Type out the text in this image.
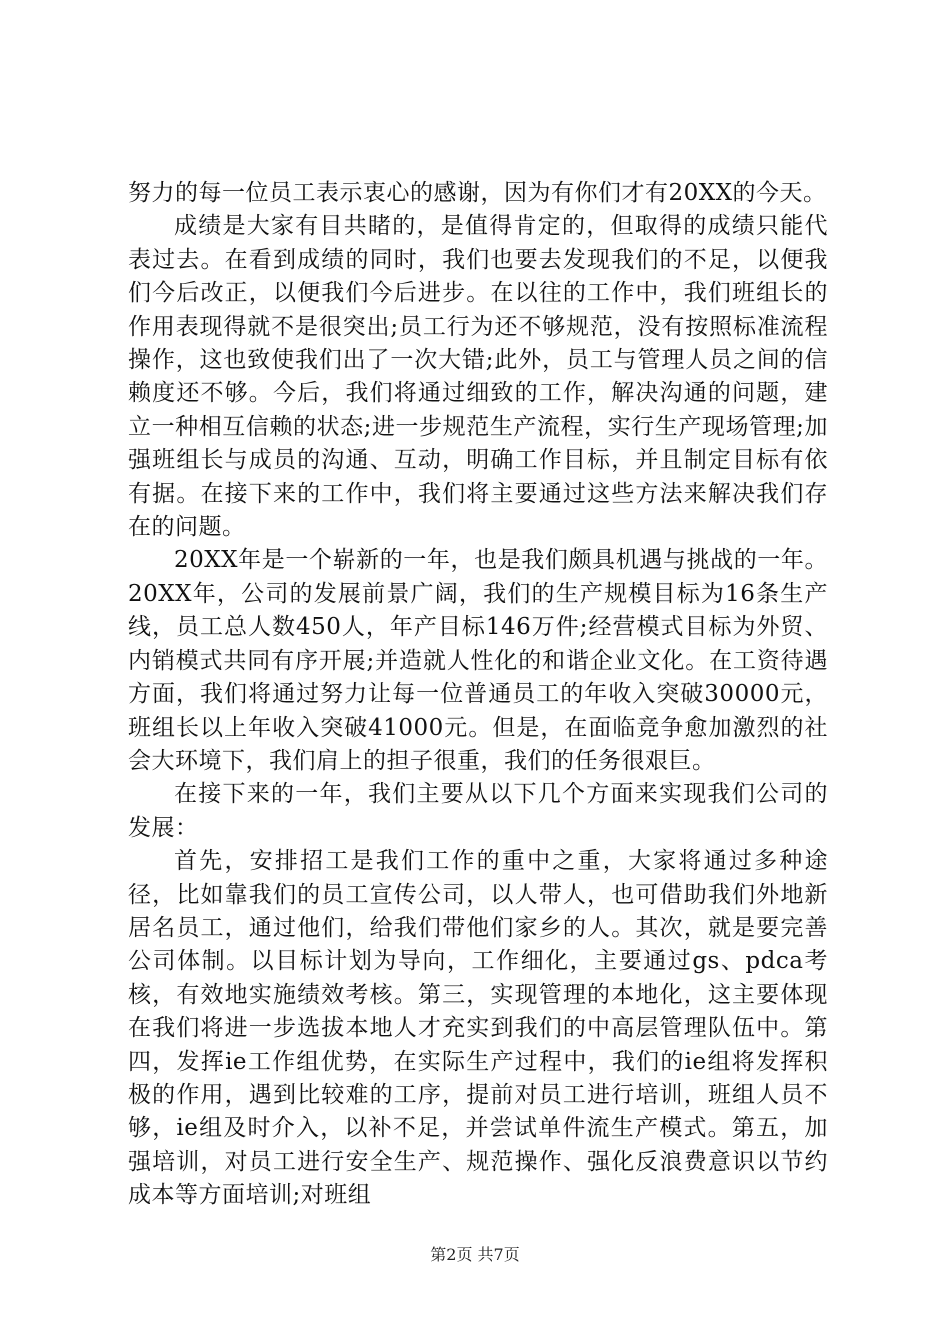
努力的每一位员工表示衷心的感谢，因为有你们才有20XX的今天。

成绩是大家有目共睹的，是值得肯定的，但取得的成绩只能代表过去。在看到成绩的同时，我们也要去发现我们的不足，以便我们今后改正，以便我们今后进步。在以往的工作中，我们班组长的作用表现得就不是很突出;员工行为还不够规范，没有按照标准流程操作，这也致使我们出了一次大错;此外，员工与管理人员之间的信赖度还不够。今后，我们将通过细致的工作，解决沟通的问题，建立一种相互信赖的状态;进一步规范生产流程，实行生产现场管理;加强班组长与成员的沟通、互动，明确工作目标，并且制定目标有依有据。在接下来的工作中，我们将主要通过这些方法来解决我们存在的问题。

20XX年是一个崭新的一年，也是我们颇具机遇与挑战的一年。20XX年，公司的发展前景广阔，我们的生产规模目标为16条生产线，员工总人数450人，年产目标146万件;经营模式目标为外贸、内销模式共同有序开展;并造就人性化的和谐企业文化。在工资待遇方面，我们将通过努力让每一位普通员工的年收入突破30000元，班组长以上年收入突破41000元。但是，在面临竞争愈加激烈的社会大环境下，我们肩上的担子很重，我们的任务很艰巨。

在接下来的一年，我们主要从以下几个方面来实现我们公司的发展：

首先，安排招工是我们工作的重中之重，大家将通过多种途径，比如靠我们的员工宣传公司，以人带人，也可借助我们外地新居名员工，通过他们，给我们带他们家乡的人。其次，就是要完善公司体制。以目标计划为导向，工作细化，主要通过gs、pdca考核，有效地实施绩效考核。第三，实现管理的本地化，这主要体现在我们将进一步选拔本地人才充实到我们的中高层管理队伍中。第四，发挥ie工作组优势，在实际生产过程中，我们的ie组将发挥积极的作用，遇到比较难的工序，提前对员工进行培训，班组人员不够，ie组及时介入，以补不足，并尝试单件流生产模式。第五，加强培训，对员工进行安全生产、规范操作、强化反浪费意识以节约成本等方面培训;对班组

第2页 共7页
